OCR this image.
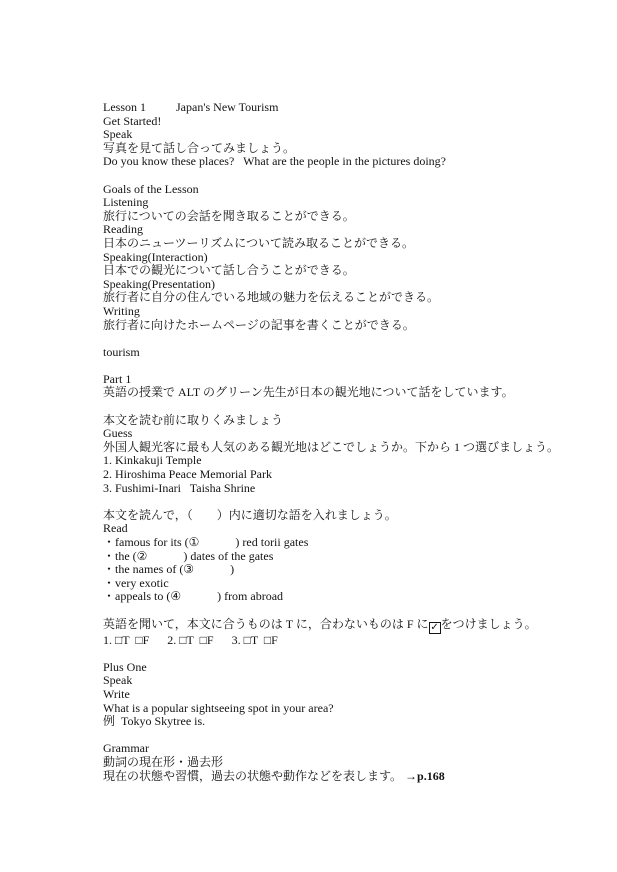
Lesson 1	Japan's New Tourism
Get Started!
Speak
写真を見て話し合ってみましょう。
Do you know these places?   What are the people in the pictures doing?
Goals of the Lesson
Listening
旅行についての会話を聞き取ることができる。
Reading
日本のニューツーリズムについて読み取ることができる。
Speaking(Interaction)
日本での観光について話し合うことができる。
Speaking(Presentation)
旅行者に自分の住んでいる地域の魅力を伝えることができる。
Writing
旅行者に向けたホームページの記事を書くことができる。
tourism
Part 1
英語の授業で ALT のグリーン先生が日本の観光地について話をしています。
本文を読む前に取りくみましょう
Guess
外国人観光客に最も人気のある観光地はどこでしょうか。下から 1 つ選びましょう。
1. Kinkakuji Temple
2. Hiroshima Peace Memorial Park
3. Fushimi-Inari   Taisha Shrine
本文を読んで，（        ）内に適切な語を入れましょう。
Read
・famous for its (①            ) red torii gates
・the (②            ) dates of the gates
・the names of (③            )
・very exotic
・appeals to (④            ) from abroad
英語を聞いて，本文に合うものは T に，合わないものは F に ✓ をつけましょう。
1. □T  □F      2. □T  □F      3. □T  □F
Plus One
Speak
Write
What is a popular sightseeing spot in your area?
例  Tokyo Skytree is.
Grammar
動詞の現在形・過去形
現在の状態や習慣，過去の状態や動作などを表します。 →p.168
